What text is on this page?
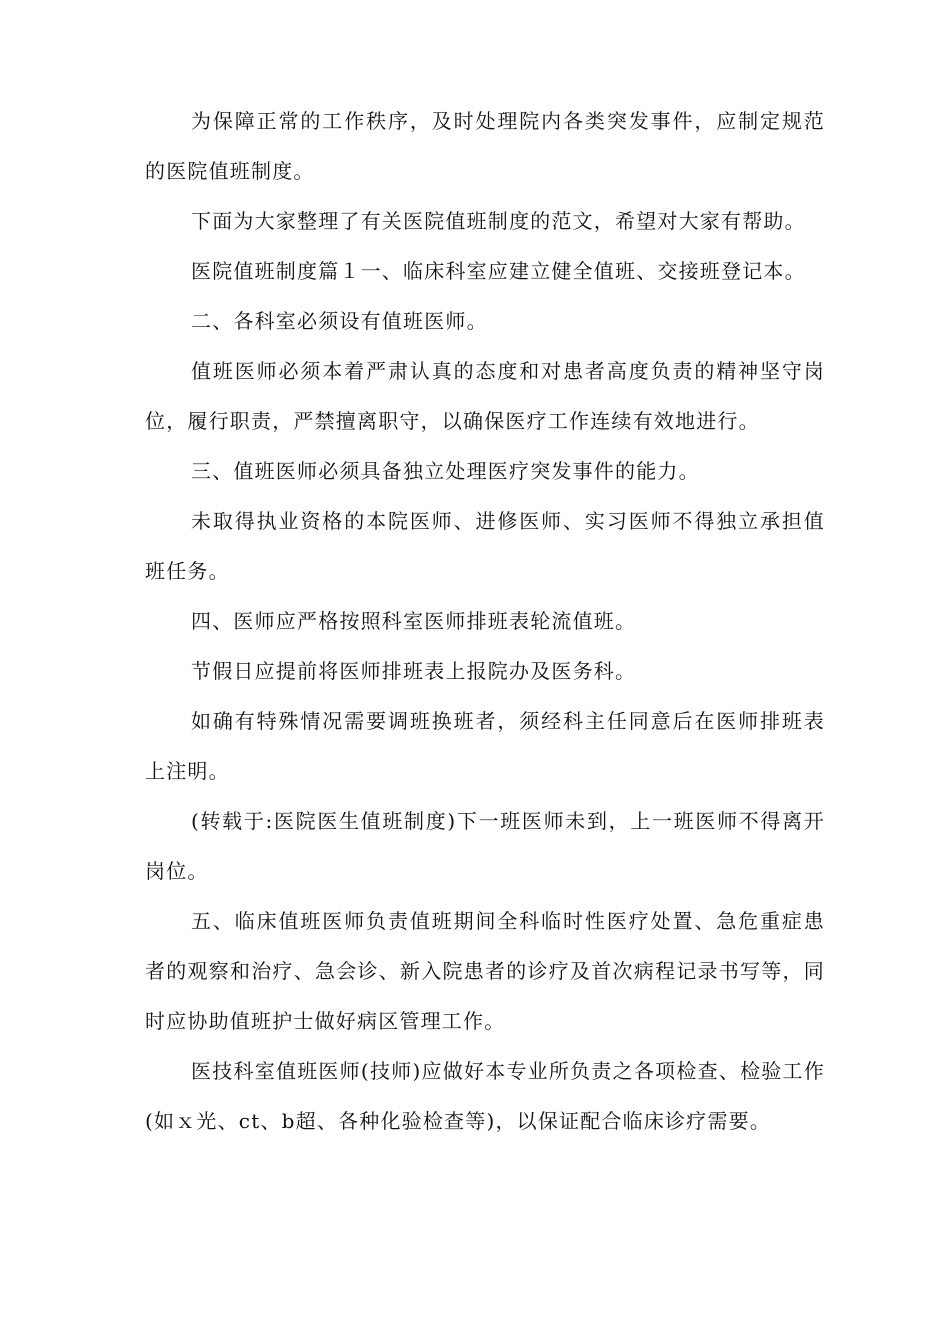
为保障正常的工作秩序，及时处理院内各类突发事件，应制定规范的医院值班制度。

下面为大家整理了有关医院值班制度的范文，希望对大家有帮助。

医院值班制度篇１一、临床科室应建立健全值班、交接班登记本。

二、各科室必须设有值班医师。

值班医师必须本着严肃认真的态度和对患者高度负责的精神坚守岗位，履行职责，严禁擅离职守，以确保医疗工作连续有效地进行。

三、值班医师必须具备独立处理医疗突发事件的能力。

未取得执业资格的本院医师、进修医师、实习医师不得独立承担值班任务。

四、医师应严格按照科室医师排班表轮流值班。

节假日应提前将医师排班表上报院办及医务科。

如确有特殊情况需要调班换班者，须经科主任同意后在医师排班表上注明。

(转载于:医院医生值班制度)下一班医师未到，上一班医师不得离开岗位。

五、临床值班医师负责值班期间全科临时性医疗处置、急危重症患者的观察和治疗、急会诊、新入院患者的诊疗及首次病程记录书写等，同时应协助值班护士做好病区管理工作。

医技科室值班医师(技师)应做好本专业所负责之各项检查、检验工作(如ｘ光、ct、b超、各种化验检查等)，以保证配合临床诊疗需要。
